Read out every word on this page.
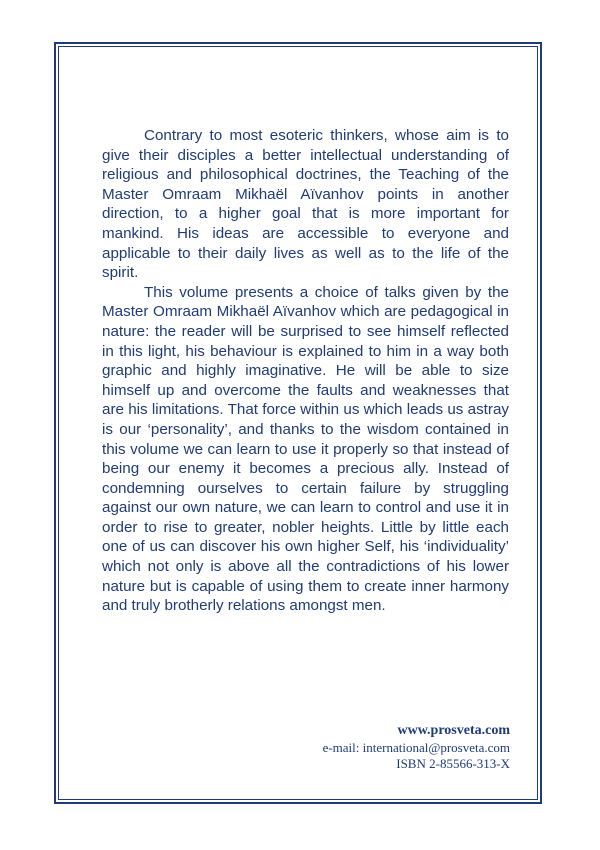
Contrary to most esoteric thinkers, whose aim is to give their disciples a better intellectual understanding of religious and philosophical doctrines, the Teaching of the Master Omraam Mikhaël Aïvanhov points in another direction, to a higher goal that is more important for mankind. His ideas are accessible to everyone and applicable to their daily lives as well as to the life of the spirit.

This volume presents a choice of talks given by the Master Omraam Mikhaël Aïvanhov which are pedagogical in nature: the reader will be surprised to see himself reflected in this light, his behaviour is explained to him in a way both graphic and highly imaginative. He will be able to size himself up and overcome the faults and weaknesses that are his limitations. That force within us which leads us astray is our ‘personality’, and thanks to the wisdom contained in this volume we can learn to use it properly so that instead of being our enemy it becomes a precious ally. Instead of condemning ourselves to certain failure by struggling against our own nature, we can learn to control and use it in order to rise to greater, nobler heights. Little by little each one of us can discover his own higher Self, his ‘individuality’ which not only is above all the contradictions of his lower nature but is capable of using them to create inner harmony and truly brotherly relations amongst men.

www.prosveta.com
e-mail: international@prosveta.com
ISBN 2-85566-313-X
